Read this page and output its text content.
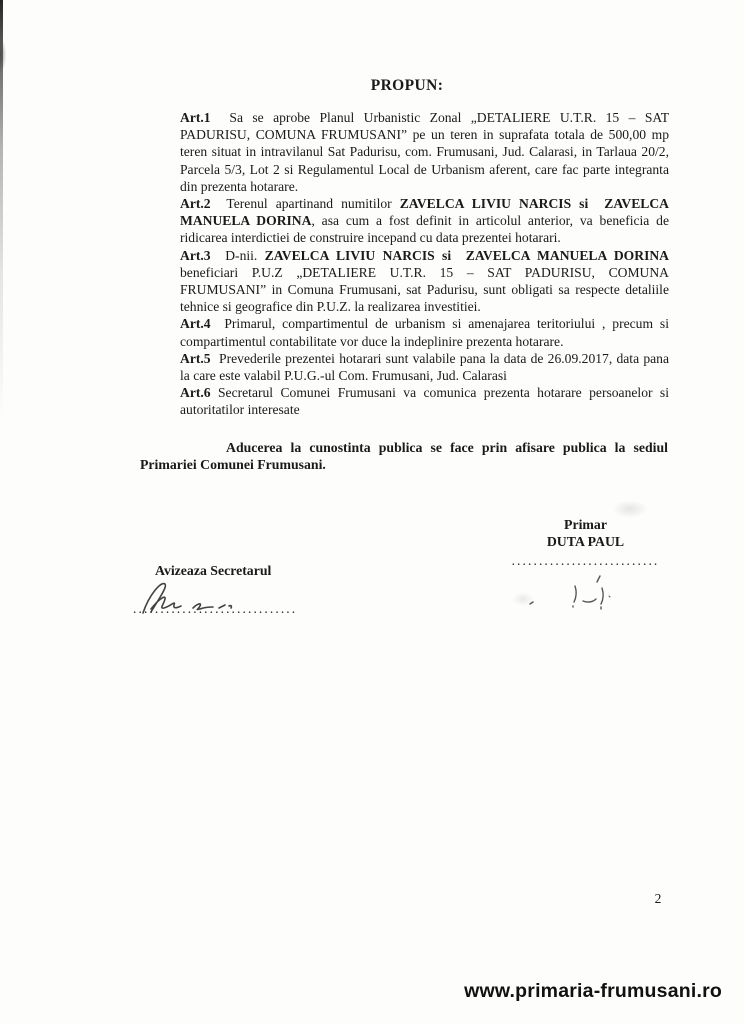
PROPUN:

Art.1  Sa se aprobe Planul Urbanistic Zonal „DETALIERE U.T.R. 15 – SAT PADURISU, COMUNA FRUMUSANI” pe un teren in suprafata totala de 500,00 mp teren situat in intravilanul Sat Padurisu, com. Frumusani, Jud. Calarasi, in Tarlaua 20/2, Parcela 5/3, Lot 2 si Regulamentul Local de Urbanism aferent, care fac parte integranta din prezenta hotarare.

Art.2  Terenul apartinand numitilor ZAVELCA LIVIU NARCIS si  ZAVELCA MANUELA DORINA, asa cum a fost definit in articolul anterior, va beneficia de ridicarea interdictiei de construire incepand cu data prezentei hotarari.

Art.3  D-nii. ZAVELCA LIVIU NARCIS si  ZAVELCA MANUELA DORINA beneficiari P.U.Z „DETALIERE U.T.R. 15 – SAT PADURISU, COMUNA FRUMUSANI” in Comuna Frumusani, sat Padurisu, sunt obligati sa respecte detaliile tehnice si geografice din P.U.Z. la realizarea investitiei.

Art.4  Primarul, compartimentul de urbanism si amenajarea teritoriului , precum si compartimentul contabilitate vor duce la indeplinire prezenta hotarare.

Art.5  Prevederile prezentei hotarari sunt valabile pana la data de 26.09.2017, data pana la care este valabil P.U.G.-ul Com. Frumusani, Jud. Calarasi

Art.6 Secretarul Comunei Frumusani va comunica prezenta hotarare persoanelor si autoritatilor interesate

Aducerea la cunostinta publica se face prin afisare publica la sediul Primariei Comunei Frumusani.

Primar
DUTA PAUL
...........................
Avizeaza Secretarul
..............................
2
www.primaria-frumusani.ro
